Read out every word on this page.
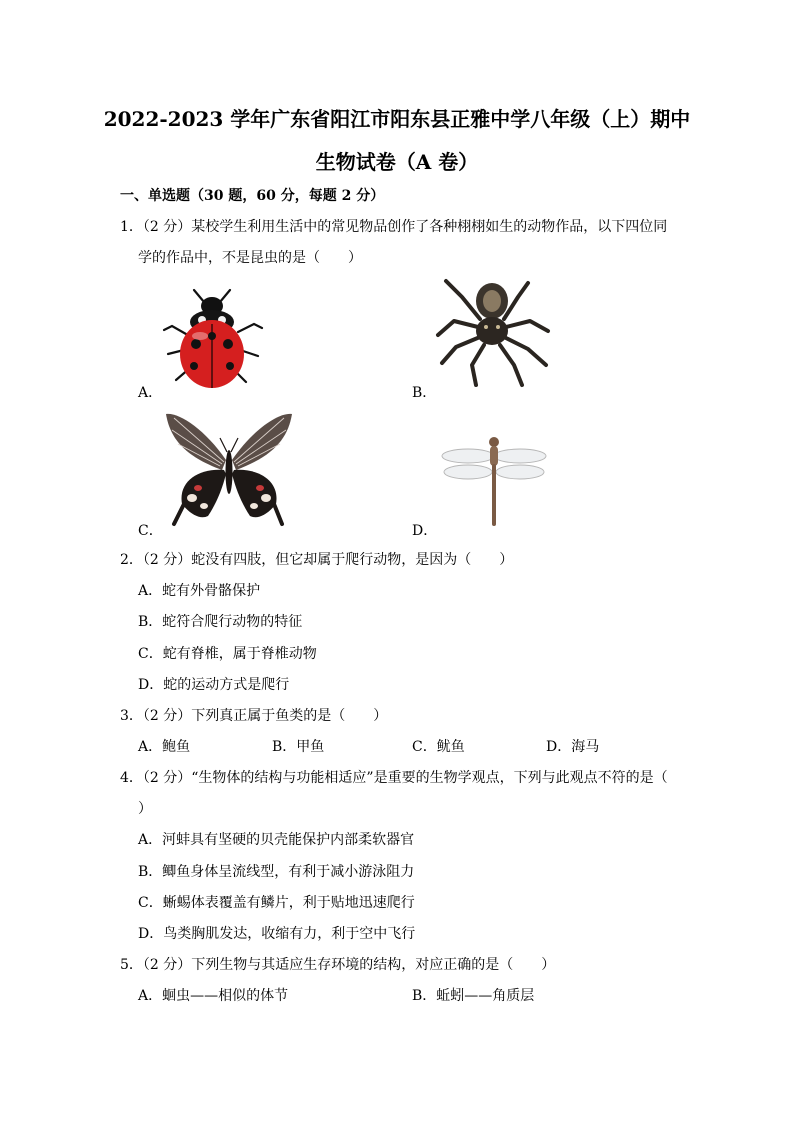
2022-2023 学年广东省阳江市阳东县正雅中学八年级（上）期中
生物试卷（A 卷）
一、单选题（30 题，60 分，每题 2 分）
1．（2 分）某校学生利用生活中的常见物品创作了各种栩栩如生的动物作品，以下四位同
学的作品中，不是昆虫的是（　　）
A．	B．
C．	D．
2．（2 分）蛇没有四肢，但它却属于爬行动物，是因为（　　）
A．蛇有外骨骼保护
B．蛇符合爬行动物的特征
C．蛇有脊椎，属于脊椎动物
D．蛇的运动方式是爬行
3．（2 分）下列真正属于鱼类的是（　　）
A．鲍鱼	B．甲鱼	C．鱿鱼	D．海马
4．（2 分）“生物体的结构与功能相适应”是重要的生物学观点，下列与此观点不符的是（
）
A．河蚌具有坚硬的贝壳能保护内部柔软器官
B．鲫鱼身体呈流线型，有利于减小游泳阻力
C．蜥蜴体表覆盖有鳞片，利于贴地迅速爬行
D．鸟类胸肌发达，收缩有力，利于空中飞行
5．（2 分）下列生物与其适应生存环境的结构，对应正确的是（　　）
A．蛔虫——相似的体节	B．蚯蚓——角质层
